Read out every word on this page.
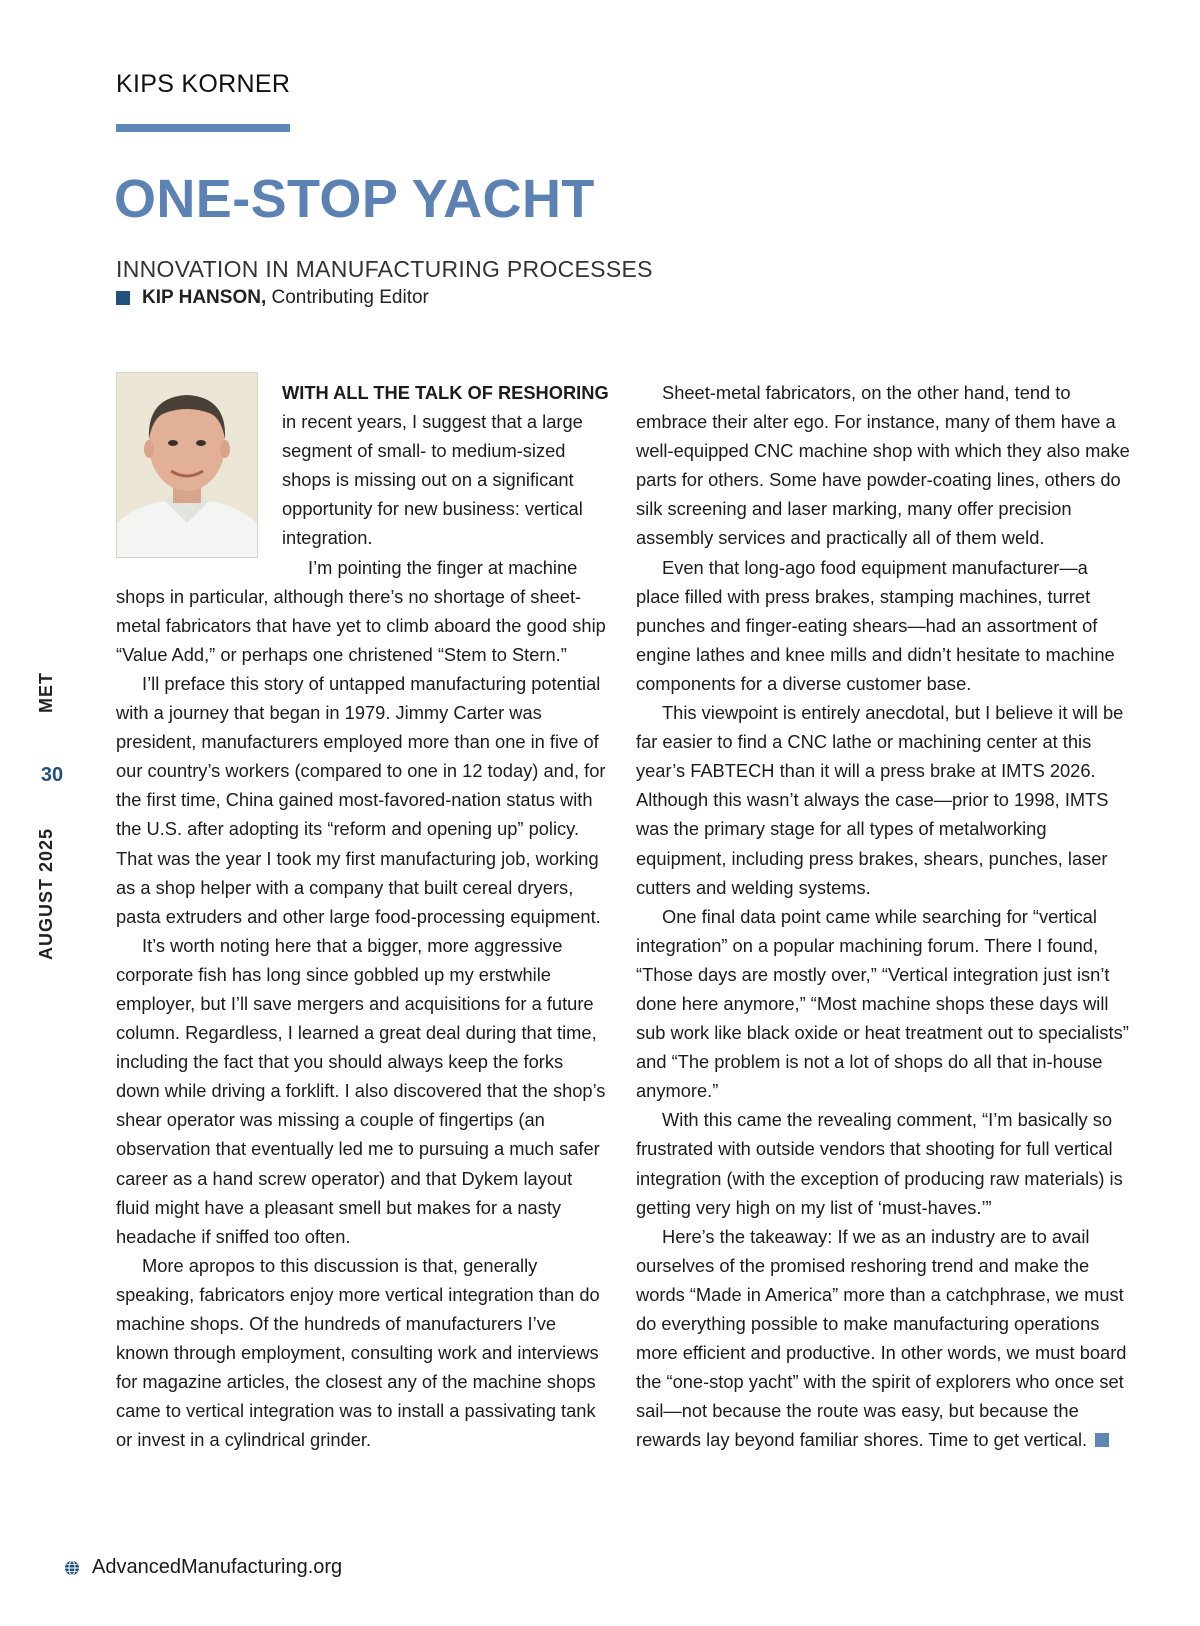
KIPS KORNER
ONE-STOP YACHT
INNOVATION IN MANUFACTURING PROCESSES
KIP HANSON, Contributing Editor
MET
30
AUGUST 2025

WITH ALL THE TALK OF RESHORING in recent years, I suggest that a large segment of small- to medium-sized shops is missing out on a significant opportunity for new business: vertical integration.

I’m pointing the finger at machine shops in particular, although there’s no shortage of sheet-metal fabricators that have yet to climb aboard the good ship “Value Add,” or perhaps one christened “Stem to Stern.”

I’ll preface this story of untapped manufacturing potential with a journey that began in 1979. Jimmy Carter was president, manufacturers employed more than one in five of our country’s workers (compared to one in 12 today) and, for the first time, China gained most-favored-nation status with the U.S. after adopting its “reform and opening up” policy. That was the year I took my first manufacturing job, working as a shop helper with a company that built cereal dryers, pasta extruders and other large food-processing equipment.

It’s worth noting here that a bigger, more aggressive corporate fish has long since gobbled up my erstwhile employer, but I’ll save mergers and acquisitions for a future column. Regardless, I learned a great deal during that time, including the fact that you should always keep the forks down while driving a forklift. I also discovered that the shop’s shear operator was missing a couple of fingertips (an observation that eventually led me to pursuing a much safer career as a hand screw operator) and that Dykem layout fluid might have a pleasant smell but makes for a nasty headache if sniffed too often.

More apropos to this discussion is that, generally speaking, fabricators enjoy more vertical integration than do machine shops. Of the hundreds of manufacturers I’ve known through employment, consulting work and interviews for magazine articles, the closest any of the machine shops came to vertical integration was to install a passivating tank or invest in a cylindrical grinder.

Sheet-metal fabricators, on the other hand, tend to embrace their alter ego. For instance, many of them have a well-equipped CNC machine shop with which they also make parts for others. Some have powder-coating lines, others do silk screening and laser marking, many offer precision assembly services and practically all of them weld.

Even that long-ago food equipment manufacturer—a place filled with press brakes, stamping machines, turret punches and finger-eating shears—had an assortment of engine lathes and knee mills and didn’t hesitate to machine components for a diverse customer base.

This viewpoint is entirely anecdotal, but I believe it will be far easier to find a CNC lathe or machining center at this year’s FABTECH than it will a press brake at IMTS 2026. Although this wasn’t always the case—prior to 1998, IMTS was the primary stage for all types of metalworking equipment, including press brakes, shears, punches, laser cutters and welding systems.

One final data point came while searching for “vertical integration” on a popular machining forum. There I found, “Those days are mostly over,” “Vertical integration just isn’t done here anymore,” “Most machine shops these days will sub work like black oxide or heat treatment out to specialists” and “The problem is not a lot of shops do all that in-house anymore.”

With this came the revealing comment, “I’m basically so frustrated with outside vendors that shooting for full vertical integration (with the exception of producing raw materials) is getting very high on my list of ‘must-haves.’”

Here’s the takeaway: If we as an industry are to avail ourselves of the promised reshoring trend and make the words “Made in America” more than a catchphrase, we must do everything possible to make manufacturing operations more efficient and productive. In other words, we must board the “one-stop yacht” with the spirit of explorers who once set sail—not because the route was easy, but because the rewards lay beyond familiar shores. Time to get vertical.

AdvancedManufacturing.org
